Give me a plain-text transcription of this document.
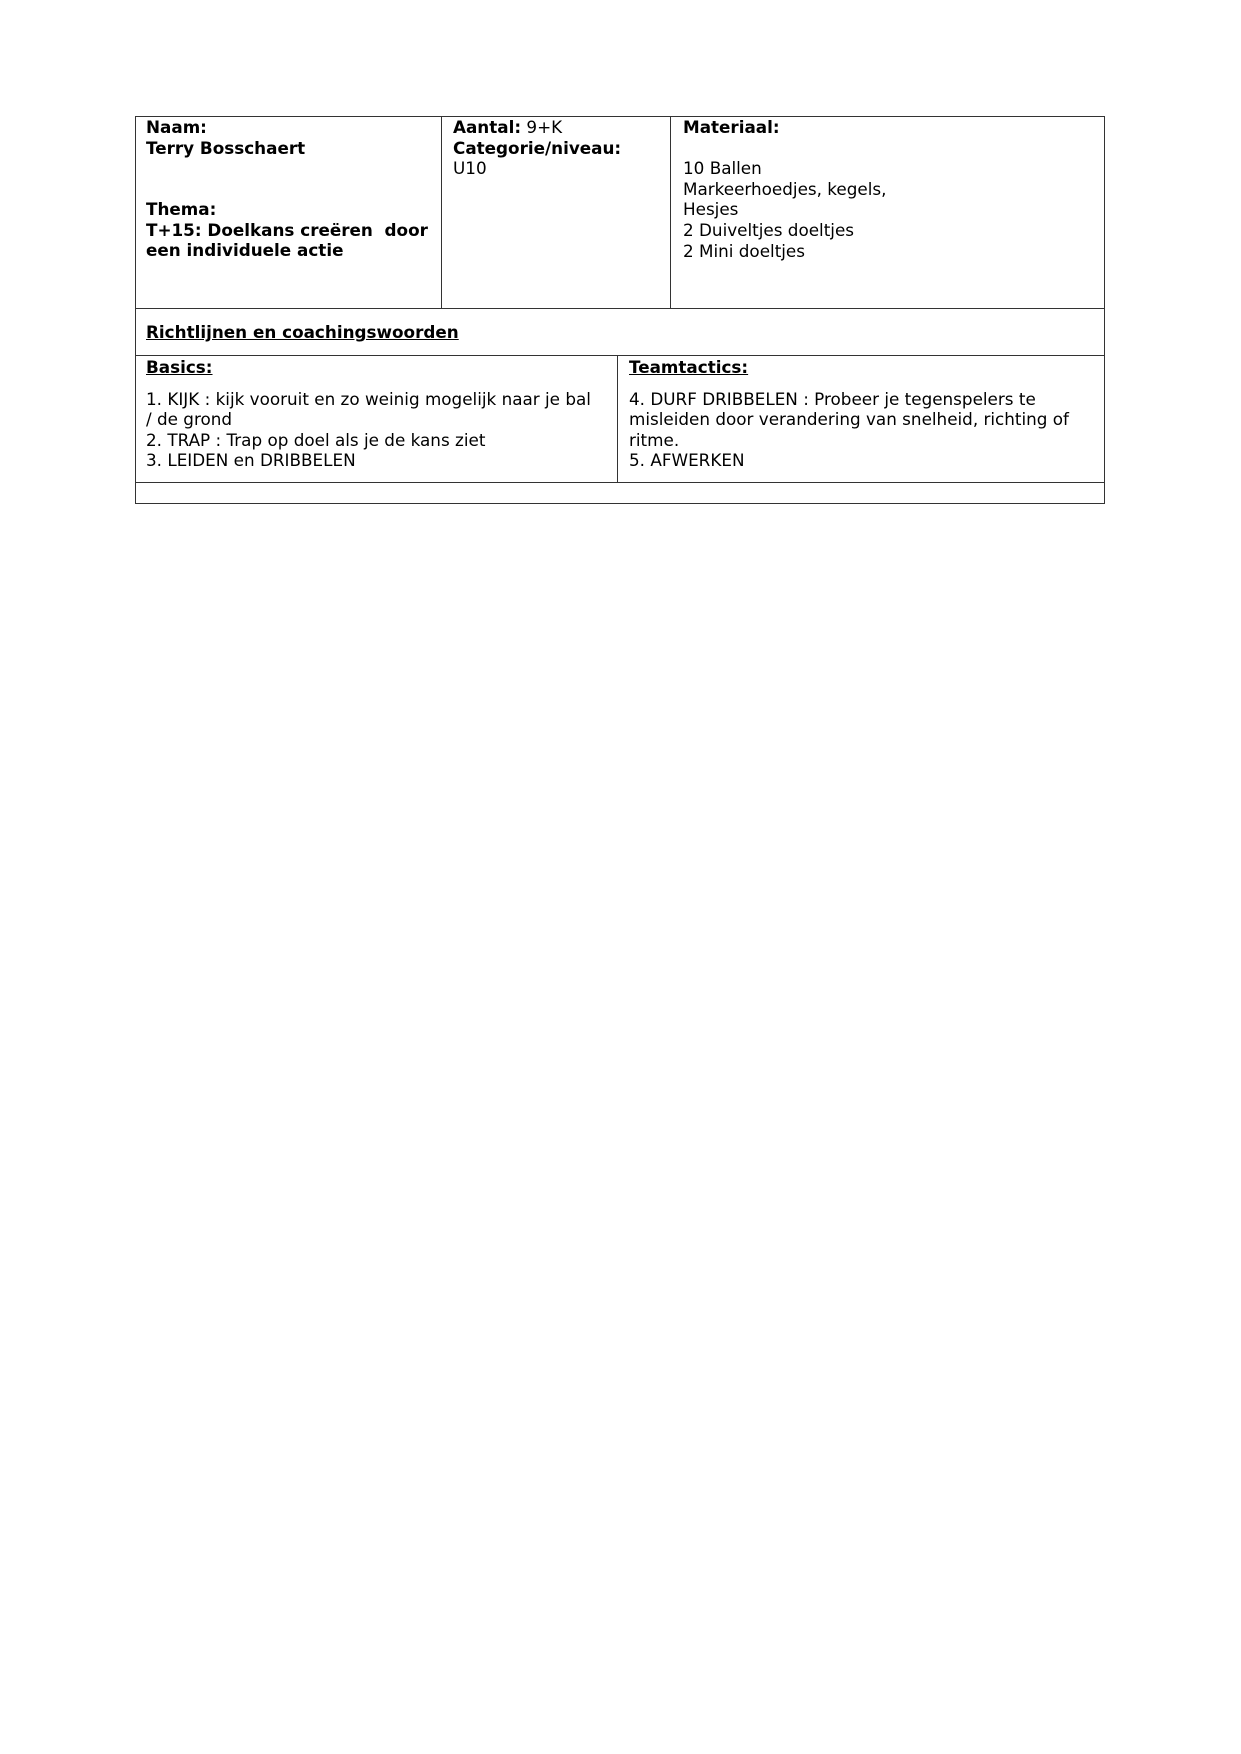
Naam:
Terry Bosschaert
Thema:
T+15: Doelkans creëren  door een individuele actie
Aantal: 9+K
Categorie/niveau:
U10
Materiaal:

10 Ballen
Markeerhoedjes, kegels,
Hesjes
2 Duiveltjes doeltjes
2 Mini doeltjes
Richtlijnen en coachingswoorden
Basics:
1. KIJK : kijk vooruit en zo weinig mogelijk naar je bal / de grond
2. TRAP : Trap op doel als je de kans ziet
3. LEIDEN en DRIBBELEN
Teamtactics:
4. DURF DRIBBELEN : Probeer je tegenspelers te misleiden door verandering van snelheid, richting of ritme.
5. AFWERKEN
